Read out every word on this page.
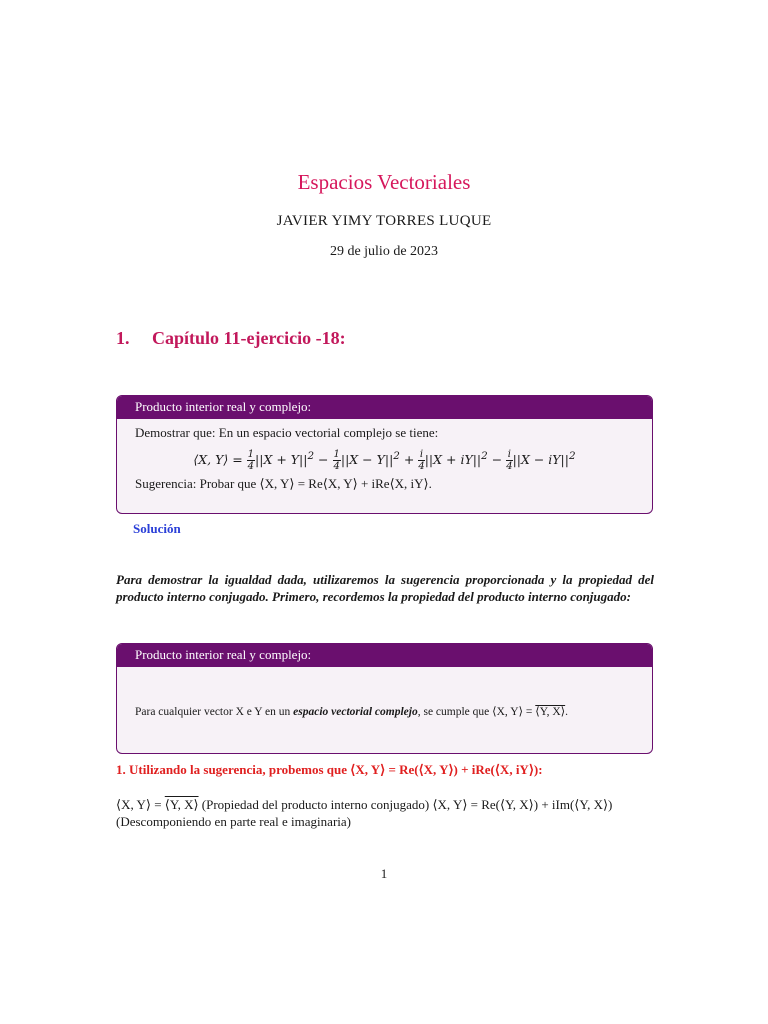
Espacios Vectoriales
JAVIER YIMY TORRES LUQUE
29 de julio de 2023
1. Capítulo 11-ejercicio -18:
Producto interior real y complejo:
Demostrar que: En un espacio vectorial complejo se tiene:
⟨X, Y⟩ = $\frac{1}{4} ||X + Y||^2 - \frac{1}{4} ||X - Y||^2 + \frac{i}{4} ||X + iY||^2 - \frac{i}{4} ||X - iY||^2$
Sugerencia: Probar que ⟨X, Y⟩ = Re⟨X, Y⟩ + iRe⟨X, iY⟩.
Solución
Para demostrar la igualdad dada, utilizaremos la sugerencia proporcionada y la propiedad del producto interno conjugado. Primero, recordemos la propiedad del producto interno conjugado:
Producto interior real y complejo:
Para cualquier vector X e Y en un espacio vectorial complejo, se cumple que ⟨X, Y⟩ = ⟨Y, X⟩.
1. Utilizando la sugerencia, probemos que ⟨X, Y⟩ = Re(⟨X, Y⟩) + iRe(⟨X, iY⟩):
⟨X, Y⟩ = ⟨Y, X⟩ (Propiedad del producto interno conjugado) ⟨X, Y⟩ = Re(⟨Y, X⟩) + iIm(⟨Y, X⟩) (Descomponiendo en parte real e imaginaria)
1
